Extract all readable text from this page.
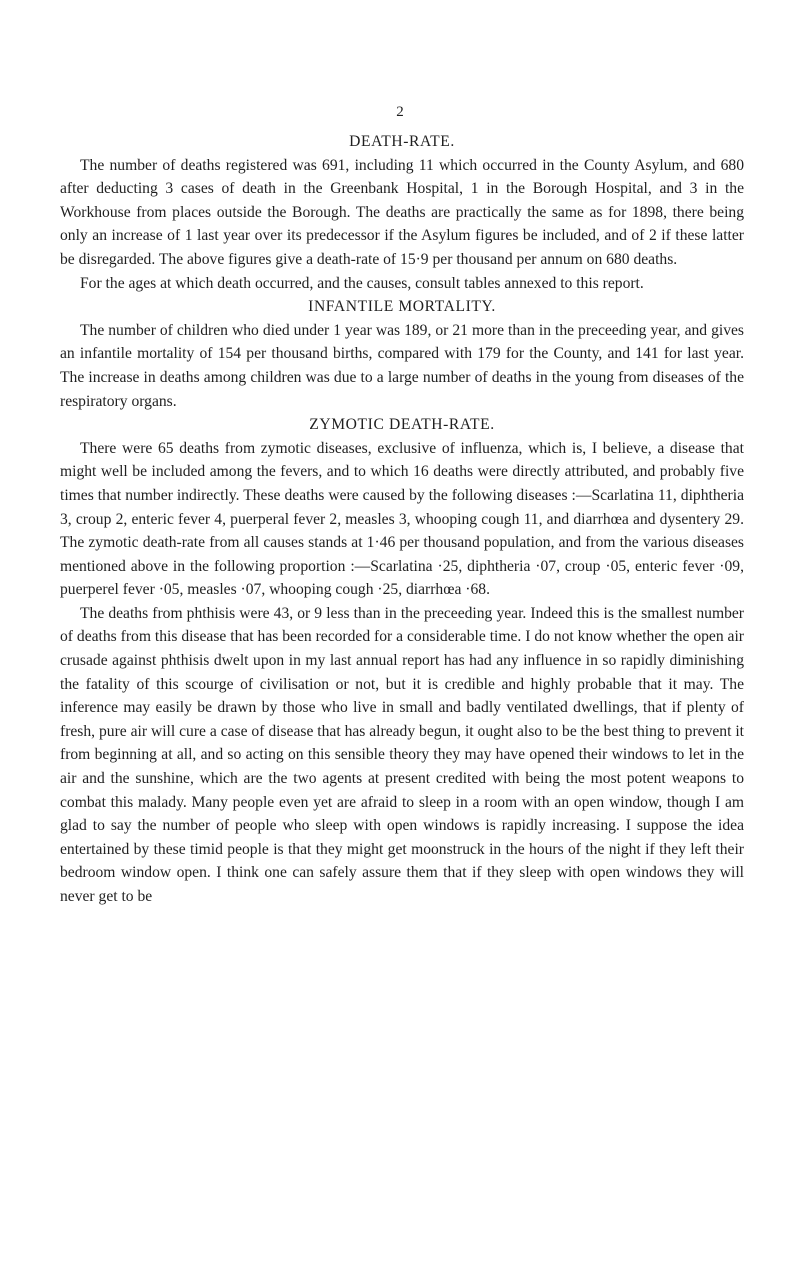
2
DEATH-RATE.

The number of deaths registered was 691, including 11 which occurred in the County Asylum, and 680 after deducting 3 cases of death in the Greenbank Hospital, 1 in the Borough Hospital, and 3 in the Workhouse from places outside the Borough. The deaths are practically the same as for 1898, there being only an increase of 1 last year over its predecessor if the Asylum figures be included, and of 2 if these latter be disregarded. The above figures give a death-rate of 15·9 per thousand per annum on 680 deaths.

For the ages at which death occurred, and the causes, consult tables annexed to this report.

INFANTILE MORTALITY.

The number of children who died under 1 year was 189, or 21 more than in the preceeding year, and gives an infantile mortality of 154 per thousand births, compared with 179 for the County, and 141 for last year. The increase in deaths among children was due to a large number of deaths in the young from diseases of the respiratory organs.

ZYMOTIC DEATH-RATE.

There were 65 deaths from zymotic diseases, exclusive of influenza, which is, I believe, a disease that might well be included among the fevers, and to which 16 deaths were directly attributed, and probably five times that number indirectly. These deaths were caused by the following diseases :—Scarlatina 11, diphtheria 3, croup 2, enteric fever 4, puerperal fever 2, measles 3, whooping cough 11, and diarrhœa and dysentery 29. The zymotic death-rate from all causes stands at 1·46 per thousand population, and from the various diseases mentioned above in the following proportion :—Scarlatina ·25, diphtheria ·07, croup ·05, enteric fever ·09, puerperel fever ·05, measles ·07, whooping cough ·25, diarrhœa ·68.

The deaths from phthisis were 43, or 9 less than in the preceeding year. Indeed this is the smallest number of deaths from this disease that has been recorded for a considerable time. I do not know whether the open air crusade against phthisis dwelt upon in my last annual report has had any influence in so rapidly diminishing the fatality of this scourge of civilisation or not, but it is credible and highly probable that it may. The inference may easily be drawn by those who live in small and badly ventilated dwellings, that if plenty of fresh, pure air will cure a case of disease that has already begun, it ought also to be the best thing to prevent it from beginning at all, and so acting on this sensible theory they may have opened their windows to let in the air and the sunshine, which are the two agents at present credited with being the most potent weapons to combat this malady. Many people even yet are afraid to sleep in a room with an open window, though I am glad to say the number of people who sleep with open windows is rapidly increasing. I suppose the idea entertained by these timid people is that they might get moonstruck in the hours of the night if they left their bedroom window open. I think one can safely assure them that if they sleep with open windows they will never get to be
